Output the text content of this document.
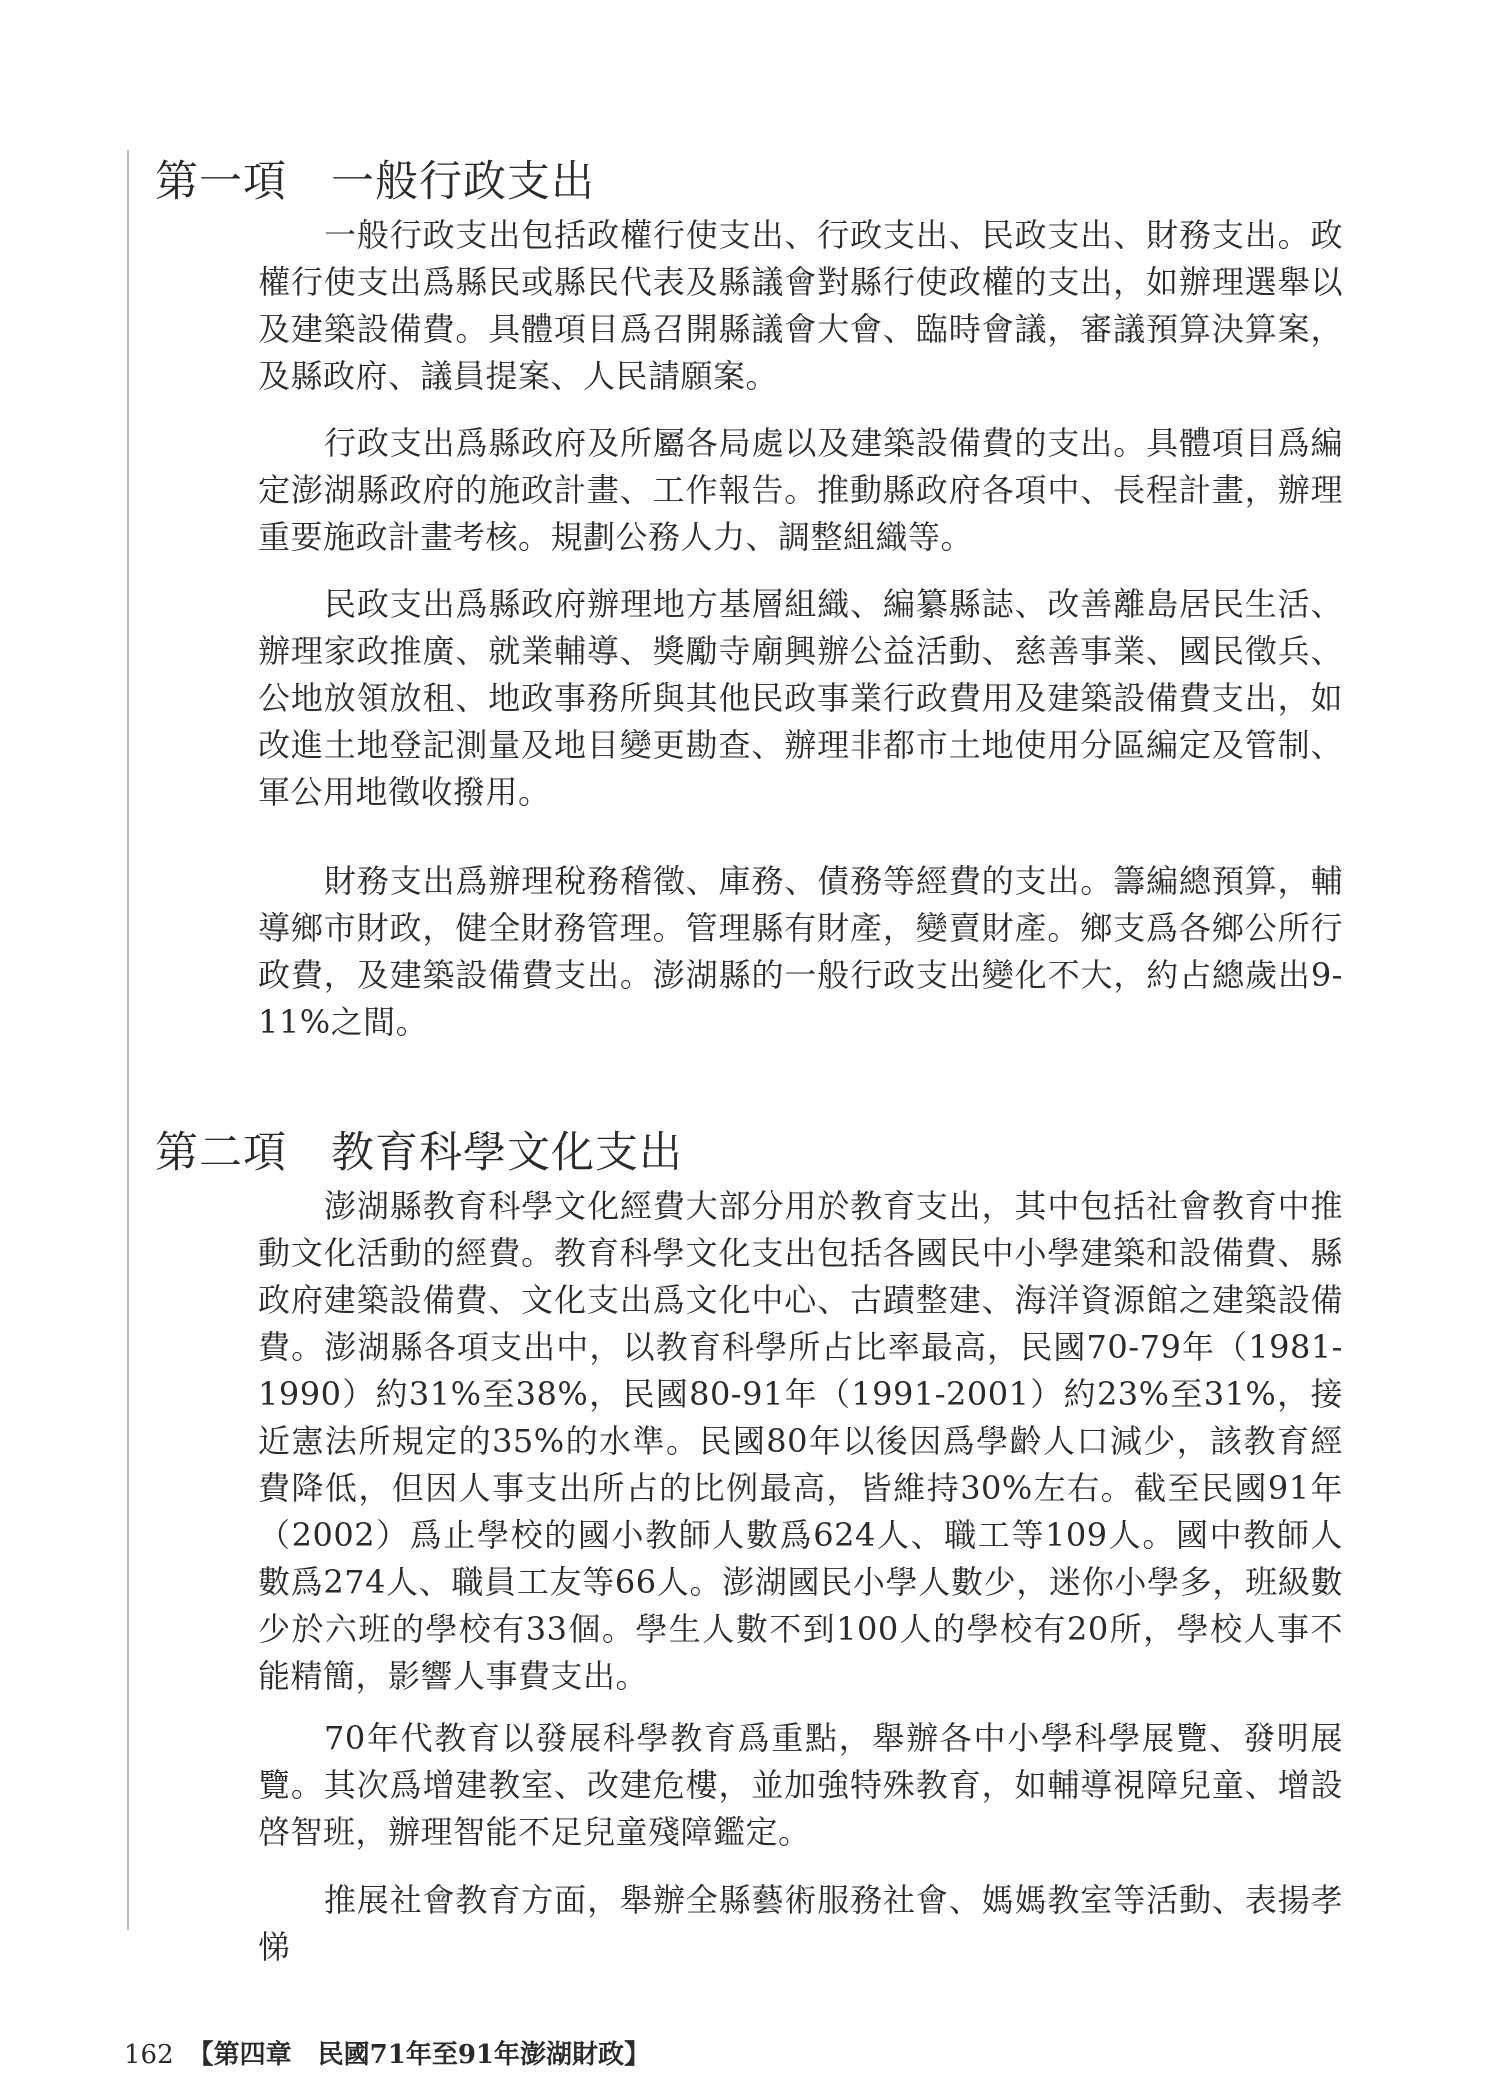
第一項 一般行政支出

一般行政支出包括政權行使支出、行政支出、民政支出、財務支出。政權行使支出爲縣民或縣民代表及縣議會對縣行使政權的支出，如辦理選舉以及建築設備費。具體項目爲召開縣議會大會、臨時會議，審議預算決算案，及縣政府、議員提案、人民請願案。

行政支出爲縣政府及所屬各局處以及建築設備費的支出。具體項目爲編定澎湖縣政府的施政計畫、工作報告。推動縣政府各項中、長程計畫，辦理重要施政計畫考核。規劃公務人力、調整組織等。

民政支出爲縣政府辦理地方基層組織、編纂縣誌、改善離島居民生活、辦理家政推廣、就業輔導、獎勵寺廟興辦公益活動、慈善事業、國民徵兵、公地放領放租、地政事務所與其他民政事業行政費用及建築設備費支出，如改進土地登記測量及地目變更勘查、辦理非都市土地使用分區編定及管制、軍公用地徵收撥用。

財務支出爲辦理稅務稽徵、庫務、債務等經費的支出。籌編總預算，輔導鄉市財政，健全財務管理。管理縣有財產，變賣財產。鄉支爲各鄉公所行政費，及建築設備費支出。澎湖縣的一般行政支出變化不大，約占總歲出9-11%之間。

第二項 教育科學文化支出

澎湖縣教育科學文化經費大部分用於教育支出，其中包括社會教育中推動文化活動的經費。教育科學文化支出包括各國民中小學建築和設備費、縣政府建築設備費、文化支出爲文化中心、古蹟整建、海洋資源館之建築設備費。澎湖縣各項支出中，以教育科學所占比率最高，民國70-79年（1981-1990）約31%至38%，民國80-91年（1991-2001）約23%至31%，接近憲法所規定的35%的水準。民國80年以後因爲學齡人口減少，該教育經費降低，但因人事支出所占的比例最高，皆維持30%左右。截至民國91年（2002）爲止學校的國小教師人數爲624人、職工等109人。國中教師人數爲274人、職員工友等66人。澎湖國民小學人數少，迷你小學多，班級數少於六班的學校有33個。學生人數不到100人的學校有20所，學校人事不能精簡，影響人事費支出。

70年代教育以發展科學教育爲重點，舉辦各中小學科學展覽、發明展覽。其次爲增建教室、改建危樓，並加強特殊教育，如輔導視障兒童、增設啓智班，辦理智能不足兒童殘障鑑定。

推展社會教育方面，舉辦全縣藝術服務社會、媽媽教室等活動、表揚孝悌

162 【第四章　民國71年至91年澎湖財政】
